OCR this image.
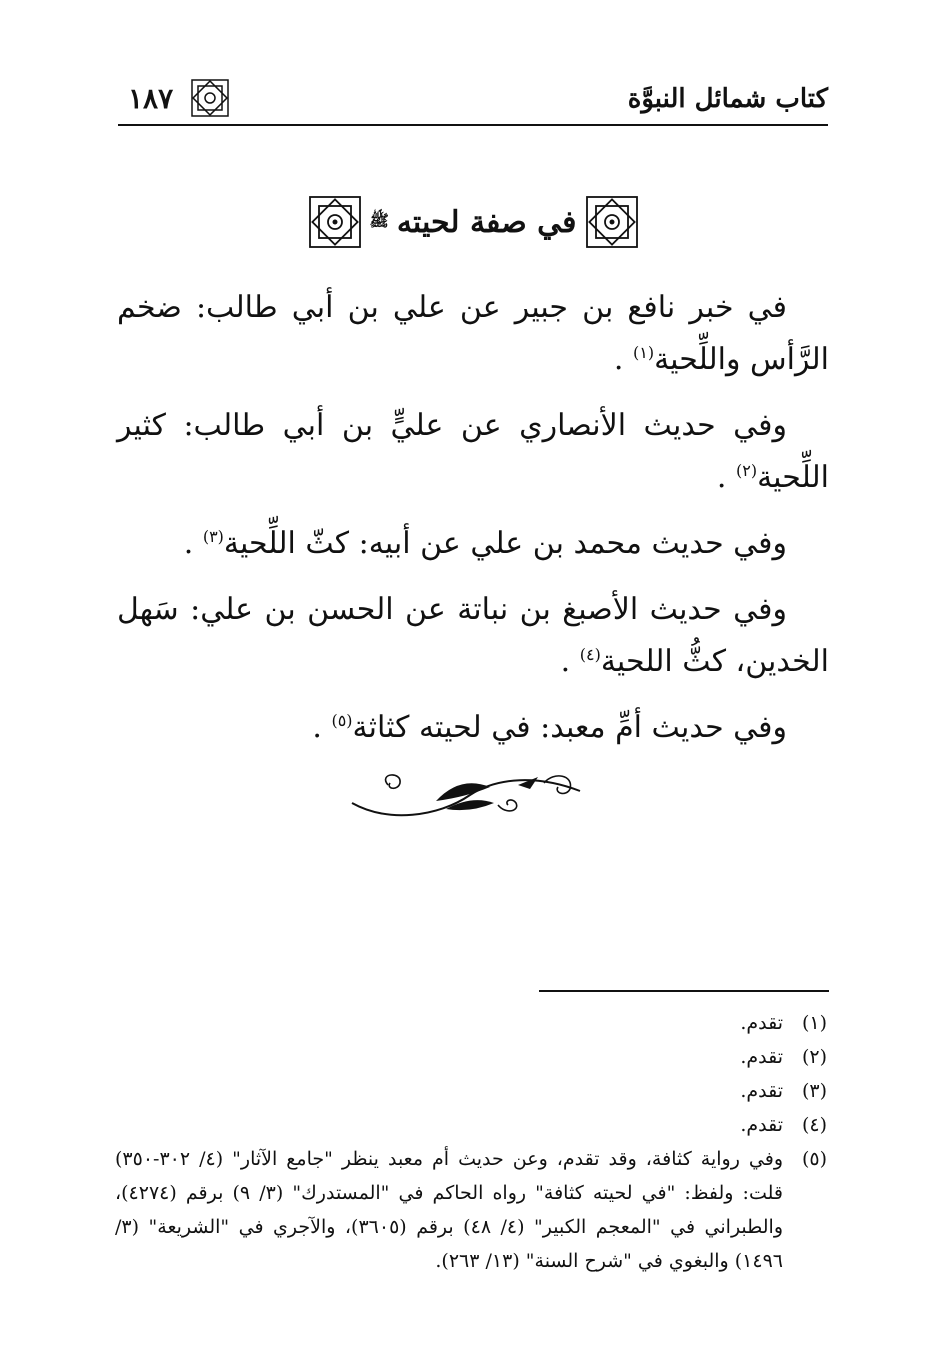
كتاب شمائل النبوَّة
١٨٧
في صفة لحيته
ﷺ

في خبر نافع بن جبير عن علي بن أبي طالب: ضخم الرَّأس واللِّحية$^{(١)}$ .

وفي حديث الأنصاري عن عليٍّ بن أبي طالب: كثير اللِّحية$^{(٢)}$ .

وفي حديث محمد بن علي عن أبيه: كثّ اللِّحية$^{(٣)}$ .

وفي حديث الأصبغ بن نباتة عن الحسن بن علي: سَهل الخدين، كثُّ اللحية$^{(٤)}$ .

وفي حديث أمِّ معبد: في لحيته كثاثة$^{(٥)}$ .

(١)
تقدم.
(٢)
تقدم.
(٣)
تقدم.
(٤)
تقدم.
(٥)
وفي رواية كثافة، وقد تقدم، وعن حديث أم معبد ينظر "جامع الآثار" (٤/ ٣٠٢-٣٥٠) قلت: ولفظ: "في لحيته كثافة" رواه الحاكم في "المستدرك" (٣/ ٩) برقم (٤٢٧٤)، والطبراني في "المعجم الكبير" (٤/ ٤٨) برقم (٣٦٠٥)، والآجري في "الشريعة" (٣/ ١٤٩٦) والبغوي في "شرح السنة" (١٣/ ٢٦٣).
